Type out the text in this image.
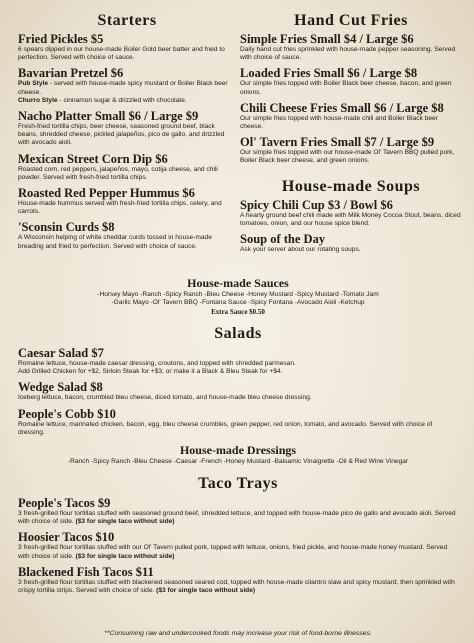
Starters
Fried Pickles $5
6 spears dipped in our house-made Boiler Gold beer batter and fried to perfection. Served with choice of sauce.
Bavarian Pretzel $6
Pub Style - served with house-made spicy mustard or Boiler Black beer cheese.
Churro Style - cinnamon sugar & drizzled with chocolate.
Nacho Platter Small $6 / Large $9
Fresh-fried tortilla chips, beer cheese, seasoned ground beef, black beans, shredded cheese, pickled jalapeños, pico de gallo, and drizzled with avocado aioli.
Mexican Street Corn Dip $6
Roasted corn, red peppers, jalapeños, mayo, cotija cheese, and chili powder. Served with fresh-fried tortilla chips.
Roasted Red Pepper Hummus $6
House-made hummus served with fresh-fried tortilla chips, celery, and carrots.
'Sconsin Curds $8
A Wisconsin helping of white cheddar curds tossed in house-made breading and fried to perfection. Served with choice of sauce.
Hand Cut Fries
Simple Fries Small $4 / Large $6
Daily hand cut fries sprinkled with house-made pepper seasoning. Served with choice of sauce.
Loaded Fries Small $6 / Large $8
Our simple fries topped with Boiler Black beer cheese, bacon, and green onions.
Chili Cheese Fries Small $6 / Large $8
Our simple fries topped with house-made chili and Boiler Black beer cheese.
Ol' Tavern Fries Small $7 / Large $9
Our simple fries topped with our house-made Ol' Tavern BBQ pulled pork, Boiler Black beer cheese, and green onions.
House-made Soups
Spicy Chili Cup $3 / Bowl $6
A hearty ground beef chili made with Milk Money Cocoa Stout, beans, diced tomatoes, onion, and our house spice blend.
Soup of the Day
Ask your server about our rotating soups.
House-made Sauces
-Horsey Mayo -Ranch -Spicy Ranch -Bleu Cheese -Honey Mustard -Spicy Mustard -Tomato Jam
-Garlic Mayo -Ol' Tavern BBQ -Fontana Sauce -Spicy Fontana -Avocado Aioli -Ketchup
Extra Sauce $0.50
Salads
Caesar Salad $7
Romaine lettuce, house-made caesar dressing, croutons, and topped with shredded parmesan.
Add Grilled Chicken for +$2, Sirloin Steak for +$3, or make it a Black & Bleu Steak for +$4.
Wedge Salad $8
Iceberg lettuce, bacon, crumbled bleu cheese, diced tomato, and house-made bleu cheese dressing.
People's Cobb $10
Romaine lettuce, marinated chicken, bacon, egg, bleu cheese crumbles, green pepper, red onion, tomato, and avocado. Served with choice of dressing.
House-made Dressings
-Ranch -Spicy Ranch -Bleu Cheese -Caesar -French -Honey Mustard -Balsamic Vinaigrette -Oil & Red Wine Vinegar
Taco Trays
People's Tacos $9
3 fresh-grilled flour tortillas stuffed with seasoned ground beef, shredded lettuce, and topped with house-made pico de gallo and avocado aioli. Served with choice of side. ($3 for single taco without side)
Hoosier Tacos $10
3 fresh-grilled flour tortillas stuffed with our Ol' Tavern pulled pork, topped with lettuce, onions, fried pickle, and house-made honey mustard. Served with choice of side. ($3 for single taco without side)
Blackened Fish Tacos $11
3 fresh-grilled flour tortillas stuffed with blackened seasoned seared cod, topped with house-made cilantro slaw and spicy mustard, then sprinkled with crispy tortilla strips. Served with choice of side. ($3 for single taco without side)
**Consuming raw and undercooked foods may increase your risk of food-borne illnesses.
